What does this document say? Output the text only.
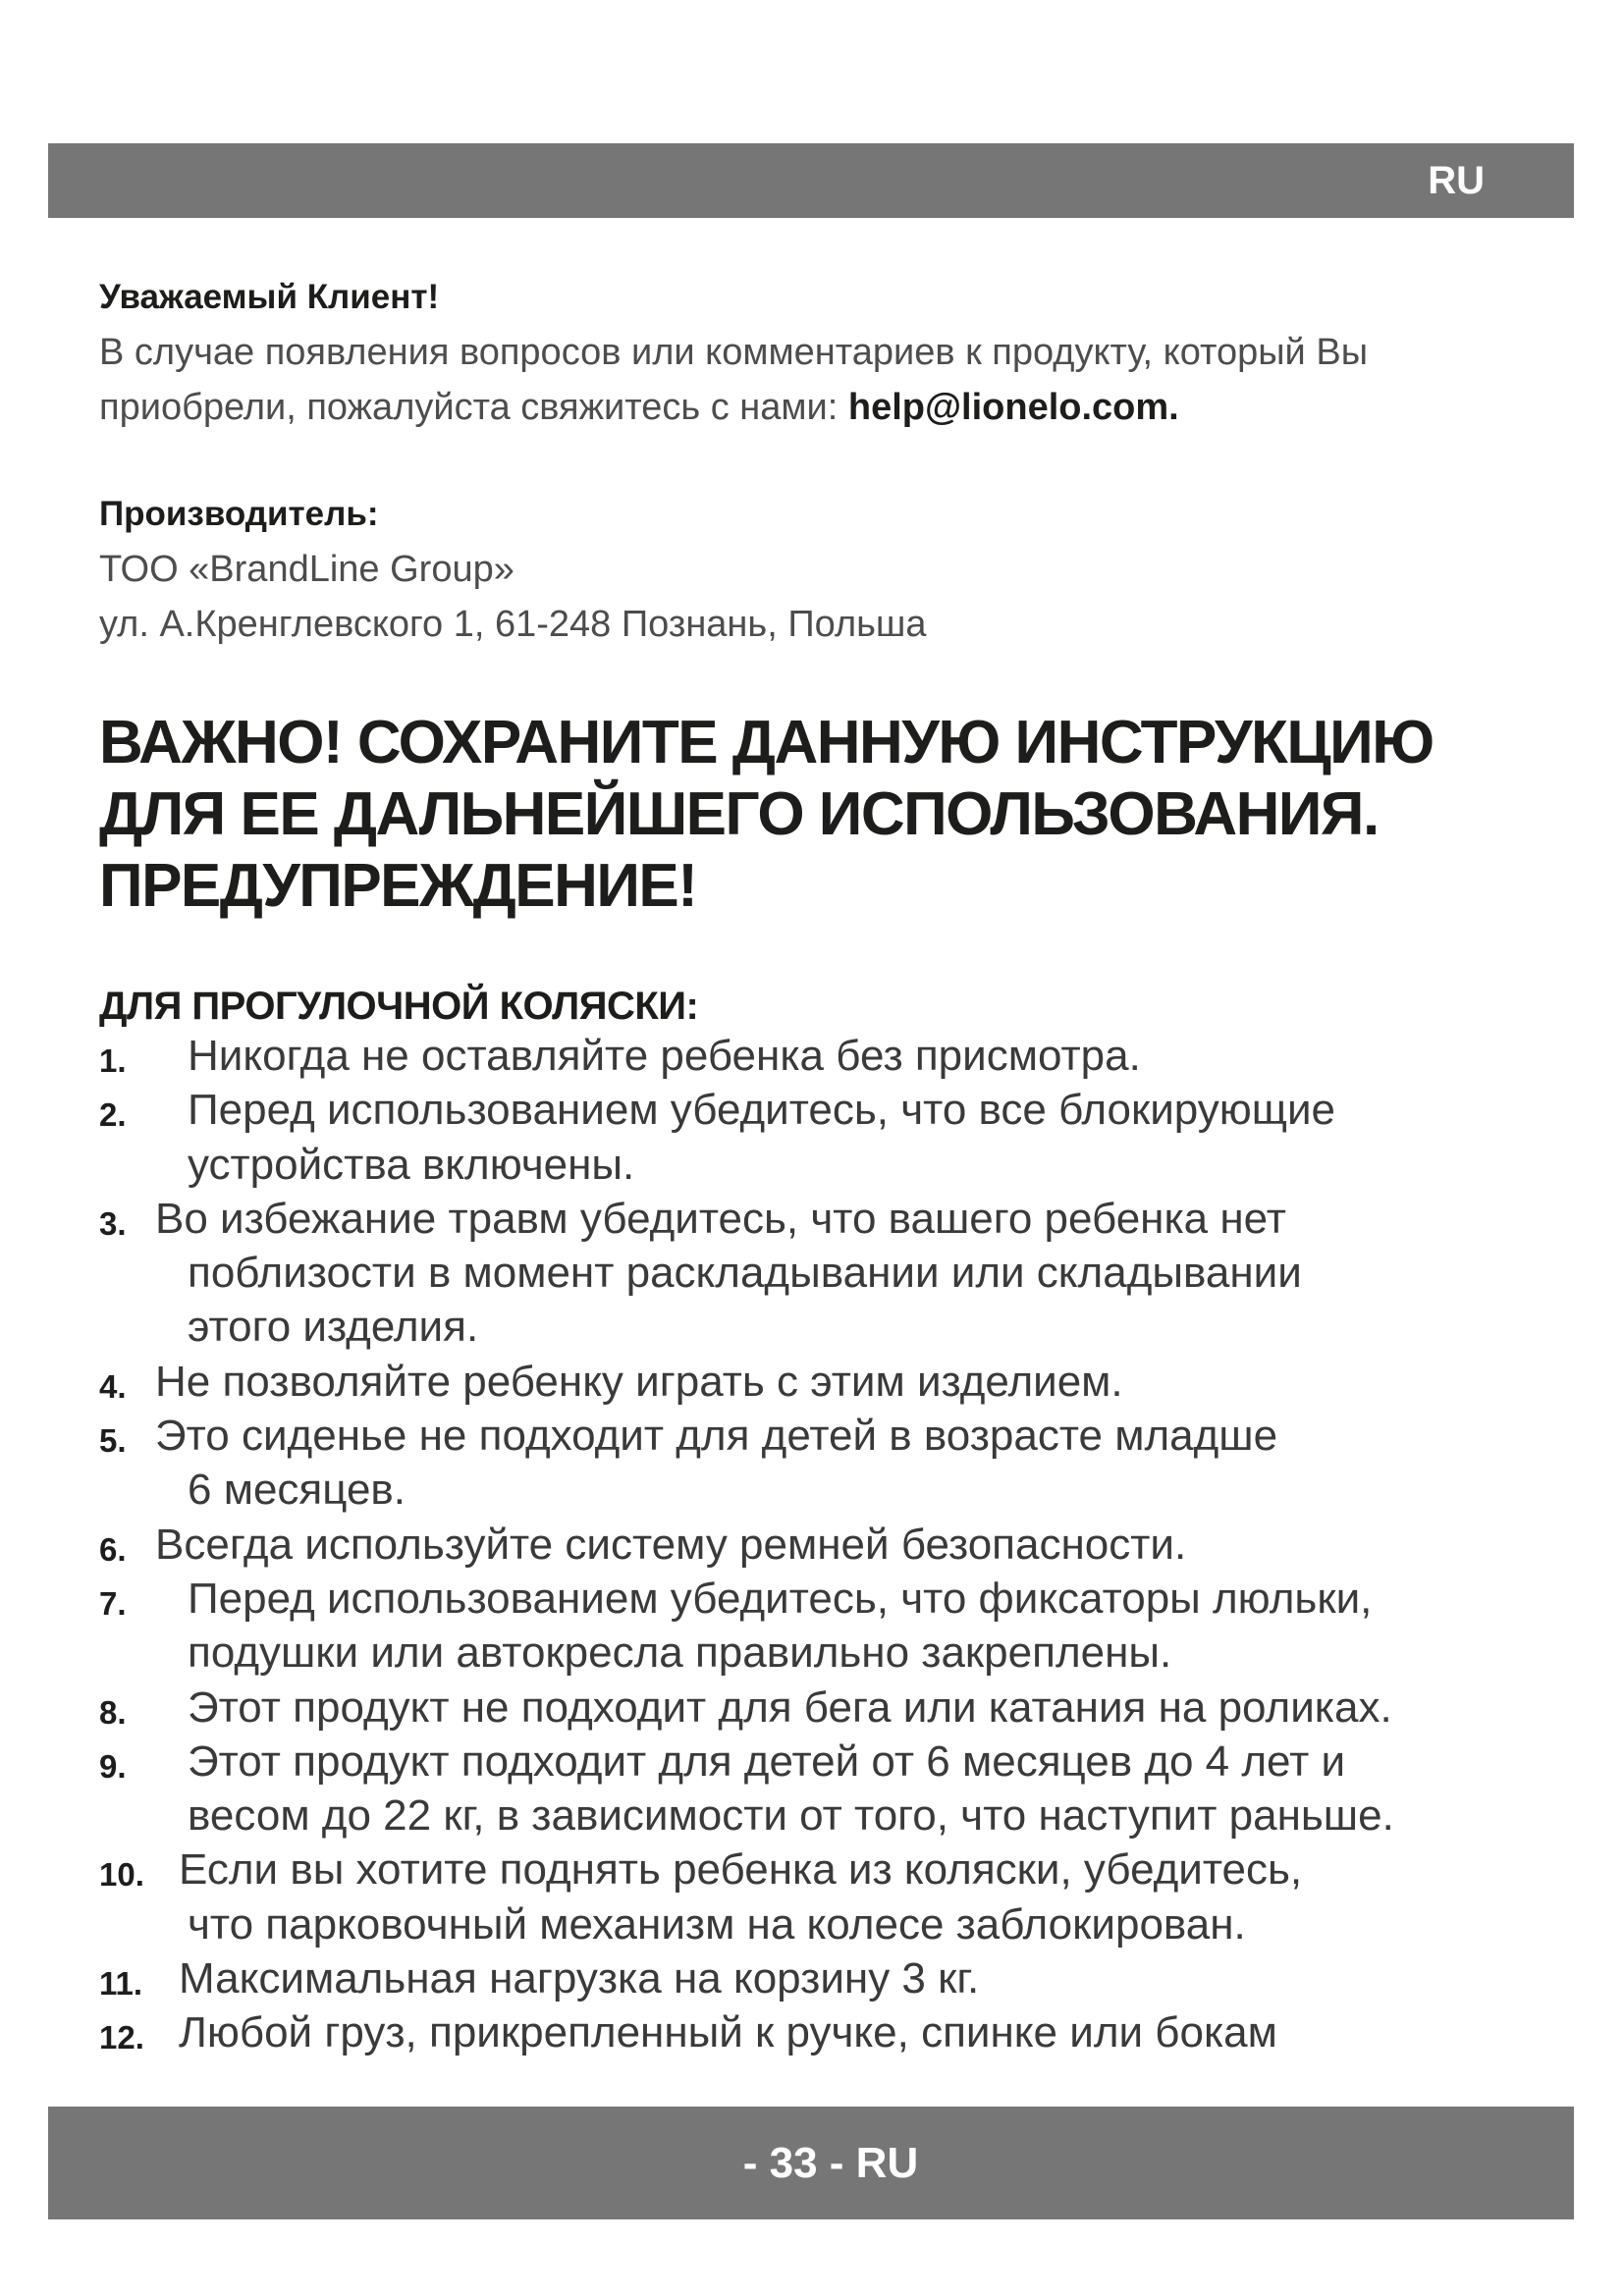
RU
Уважаемый Клиент!
В случае появления вопросов или комментариев к продукту, который Вы
приобрели, пожалуйста свяжитесь с нами: help@lionelo.com.
Производитель:
ТОО «BrandLine Group»
ул. А.Кренглевского 1, 61-248 Познань, Польша
ВАЖНО! СОХРАНИТЕ ДАННУЮ ИНСТРУКЦИЮ
ДЛЯ ЕЕ ДАЛЬНЕЙШЕГО ИСПОЛЬЗОВАНИЯ.
ПРЕДУПРЕЖДЕНИЕ!
ДЛЯ ПРОГУЛОЧНОЙ КОЛЯСКИ:
1. Никогда не оставляйте ребенка без присмотра.
2. Перед использованием убедитесь, что все блокирующие
устройства включены.
3. Во избежание травм убедитесь, что вашего ребенка нет
поблизости в момент раскладывании или складывании
этого изделия.
4. Не позволяйте ребенку играть с этим изделием.
5. Это сиденье не подходит для детей в возрасте младше
6 месяцев.
6. Всегда используйте систему ремней безопасности.
7. Перед использованием убедитесь, что фиксаторы люльки,
подушки или автокресла правильно закреплены.
8. Этот продукт не подходит для бега или катания на роликах.
9. Этот продукт подходит для детей от 6 месяцев до 4 лет и
весом до 22 кг, в зависимости от того, что наступит раньше.
10. Если вы хотите поднять ребенка из коляски, убедитесь,
что парковочный механизм на колесе заблокирован.
11. Максимальная нагрузка на корзину 3 кг.
12. Любой груз, прикрепленный к ручке, спинке или бокам
- 33 - RU
